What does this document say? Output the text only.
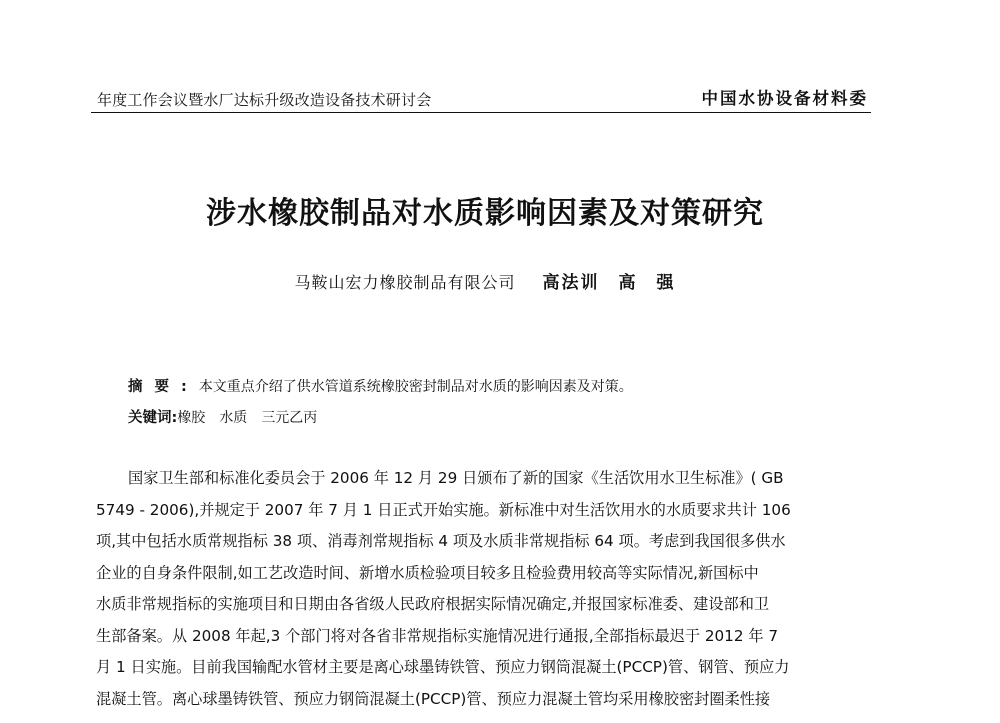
年度工作会议暨水厂达标升级改造设备技术研讨会	中国水协设备材料委
涉水橡胶制品对水质影响因素及对策研究
马鞍山宏力橡胶制品有限公司 高法训　高　强
摘要:本文重点介绍了供水管道系统橡胶密封制品对水质的影响因素及对策。
关键词:橡胶 水质 三元乙丙
国家卫生部和标准化委员会于 2006 年 12 月 29 日颁布了新的国家《生活饮用水卫生标准》( GB
5749 - 2006),并规定于 2007 年 7 月 1 日正式开始实施。新标准中对生活饮用水的水质要求共计 106
项,其中包括水质常规指标 38 项、消毒剂常规指标 4 项及水质非常规指标 64 项。考虑到我国很多供水
企业的自身条件限制,如工艺改造时间、新增水质检验项目较多且检验费用较高等实际情况,新国标中
水质非常规指标的实施项目和日期由各省级人民政府根据实际情况确定,并报国家标准委、建设部和卫
生部备案。从 2008 年起,3 个部门将对各省非常规指标实施情况进行通报,全部指标最迟于 2012 年 7
月 1 日实施。目前我国输配水管材主要是离心球墨铸铁管、预应力钢筒混凝土(PCCP)管、钢管、预应力
混凝土管。离心球墨铸铁管、预应力钢筒混凝土(PCCP)管、预应力混凝土管均采用橡胶密封圈柔性接
